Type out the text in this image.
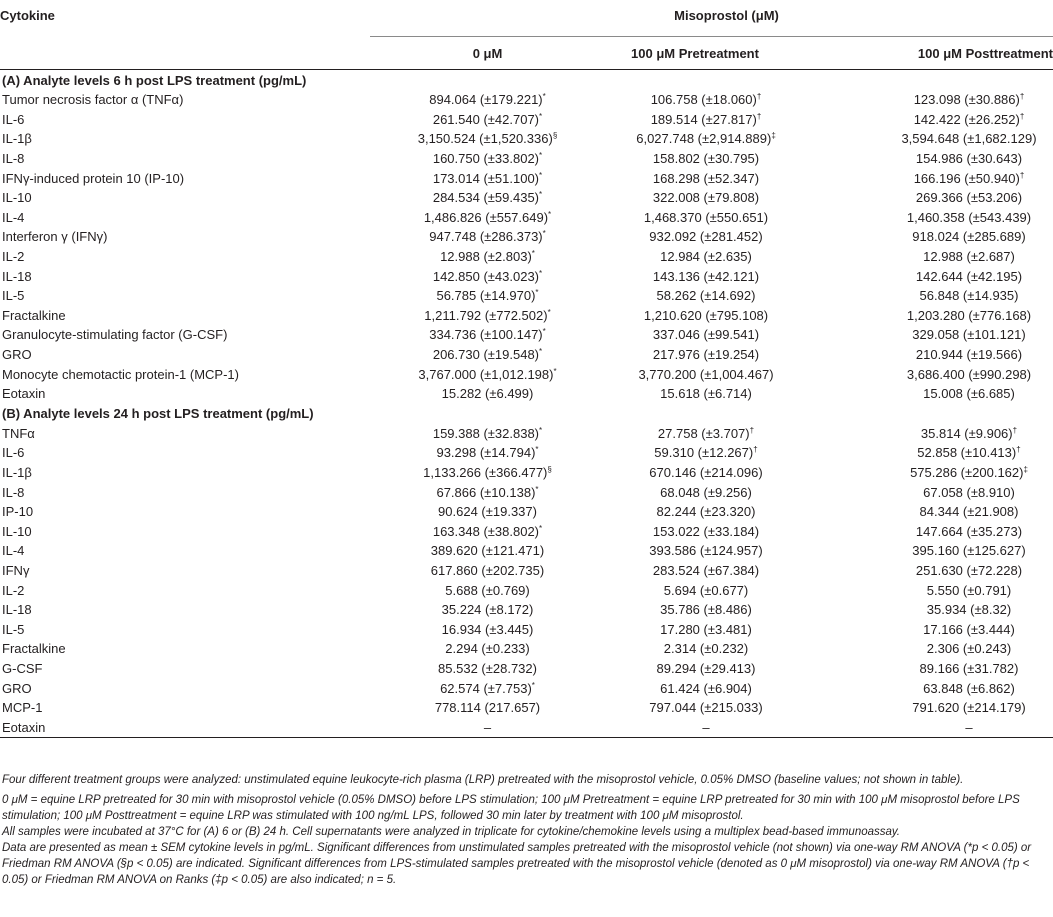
Cytokine	Misoprostol (μM)		
	0 μM	100 μM Pretreatment	100 μM Posttreatment
(A) Analyte levels 6 h post LPS treatment (pg/mL)			
Tumor necrosis factor α (TNFα)	894.064 (±179.221)*	106.758 (±18.060)†	123.098 (±30.886)†
IL-6	261.540 (±42.707)*	189.514 (±27.817)†	142.422 (±26.252)†
IL-1β	3,150.524 (±1,520.336)§	6,027.748 (±2,914.889)‡	3,594.648 (±1,682.129)
IL-8	160.750 (±33.802)*	158.802 (±30.795)	154.986 (±30.643)
IFNγ-induced protein 10 (IP-10)	173.014 (±51.100)*	168.298 (±52.347)	166.196 (±50.940)†
IL-10	284.534 (±59.435)*	322.008 (±79.808)	269.366 (±53.206)
IL-4	1,486.826 (±557.649)*	1,468.370 (±550.651)	1,460.358 (±543.439)
Interferon γ (IFNγ)	947.748 (±286.373)*	932.092 (±281.452)	918.024 (±285.689)
IL-2	12.988 (±2.803)*	12.984 (±2.635)	12.988 (±2.687)
IL-18	142.850 (±43.023)*	143.136 (±42.121)	142.644 (±42.195)
IL-5	56.785 (±14.970)*	58.262 (±14.692)	56.848 (±14.935)
Fractalkine	1,211.792 (±772.502)*	1,210.620 (±795.108)	1,203.280 (±776.168)
Granulocyte-stimulating factor (G-CSF)	334.736 (±100.147)*	337.046 (±99.541)	329.058 (±101.121)
GRO	206.730 (±19.548)*	217.976 (±19.254)	210.944 (±19.566)
Monocyte chemotactic protein-1 (MCP-1)	3,767.000 (±1,012.198)*	3,770.200 (±1,004.467)	3,686.400 (±990.298)
Eotaxin	15.282 (±6.499)	15.618 (±6.714)	15.008 (±6.685)
(B) Analyte levels 24 h post LPS treatment (pg/mL)			
TNFα	159.388 (±32.838)*	27.758 (±3.707)†	35.814 (±9.906)†
IL-6	93.298 (±14.794)*	59.310 (±12.267)†	52.858 (±10.413)†
IL-1β	1,133.266 (±366.477)§	670.146 (±214.096)	575.286 (±200.162)‡
IL-8	67.866 (±10.138)*	68.048 (±9.256)	67.058 (±8.910)
IP-10	90.624 (±19.337)	82.244 (±23.320)	84.344 (±21.908)
IL-10	163.348 (±38.802)*	153.022 (±33.184)	147.664 (±35.273)
IL-4	389.620 (±121.471)	393.586 (±124.957)	395.160 (±125.627)
IFNγ	617.860 (±202.735)	283.524 (±67.384)	251.630 (±72.228)
IL-2	5.688 (±0.769)	5.694 (±0.677)	5.550 (±0.791)
IL-18	35.224 (±8.172)	35.786 (±8.486)	35.934 (±8.32)
IL-5	16.934 (±3.445)	17.280 (±3.481)	17.166 (±3.444)
Fractalkine	2.294 (±0.233)	2.314 (±0.232)	2.306 (±0.243)
G-CSF	85.532 (±28.732)	89.294 (±29.413)	89.166 (±31.782)
GRO	62.574 (±7.753)*	61.424 (±6.904)	63.848 (±6.862)
MCP-1	778.114 (217.657)	797.044 (±215.033)	791.620 (±214.179)
Eotaxin	–	–	–

Four different treatment groups were analyzed: unstimulated equine leukocyte-rich plasma (LRP) pretreated with the misoprostol vehicle, 0.05% DMSO (baseline values; not shown in table).

0 μM = equine LRP pretreated for 30 min with misoprostol vehicle (0.05% DMSO) before LPS stimulation; 100 μM Pretreatment = equine LRP pretreated for 30 min with 100 μM misoprostol before LPS stimulation; 100 μM Posttreatment = equine LRP was stimulated with 100 ng/mL LPS, followed 30 min later by treatment with 100 μM misoprostol.

All samples were incubated at 37°C for (A) 6 or (B) 24 h. Cell supernatants were analyzed in triplicate for cytokine/chemokine levels using a multiplex bead-based immunoassay.

Data are presented as mean ± SEM cytokine levels in pg/mL. Significant differences from unstimulated samples pretreated with the misoprostol vehicle (not shown) via one-way RM ANOVA (*p < 0.05) or Friedman RM ANOVA (§p < 0.05) are indicated. Significant differences from LPS-stimulated samples pretreated with the misoprostol vehicle (denoted as 0 μM misoprostol) via one-way RM ANOVA (†p < 0.05) or Friedman RM ANOVA on Ranks (‡p < 0.05) are also indicated; n = 5.
